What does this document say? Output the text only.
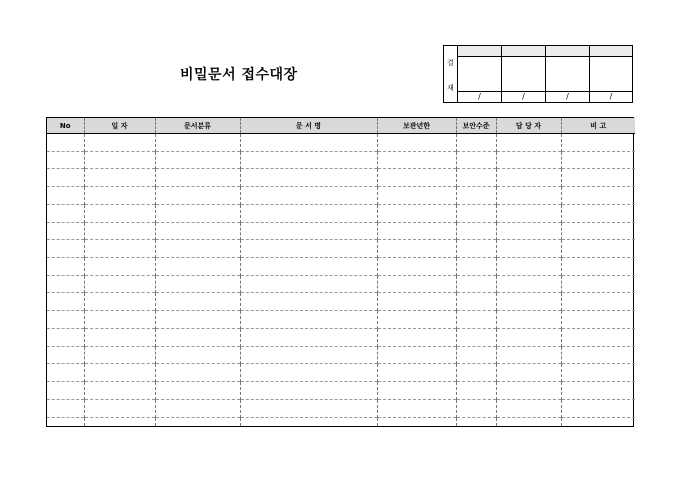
비밀문서 접수대장
결
재
/	/	/	/
No	일 자	문서분류	문 서 명	보관년한	보안수준	담 당 자	비 고
